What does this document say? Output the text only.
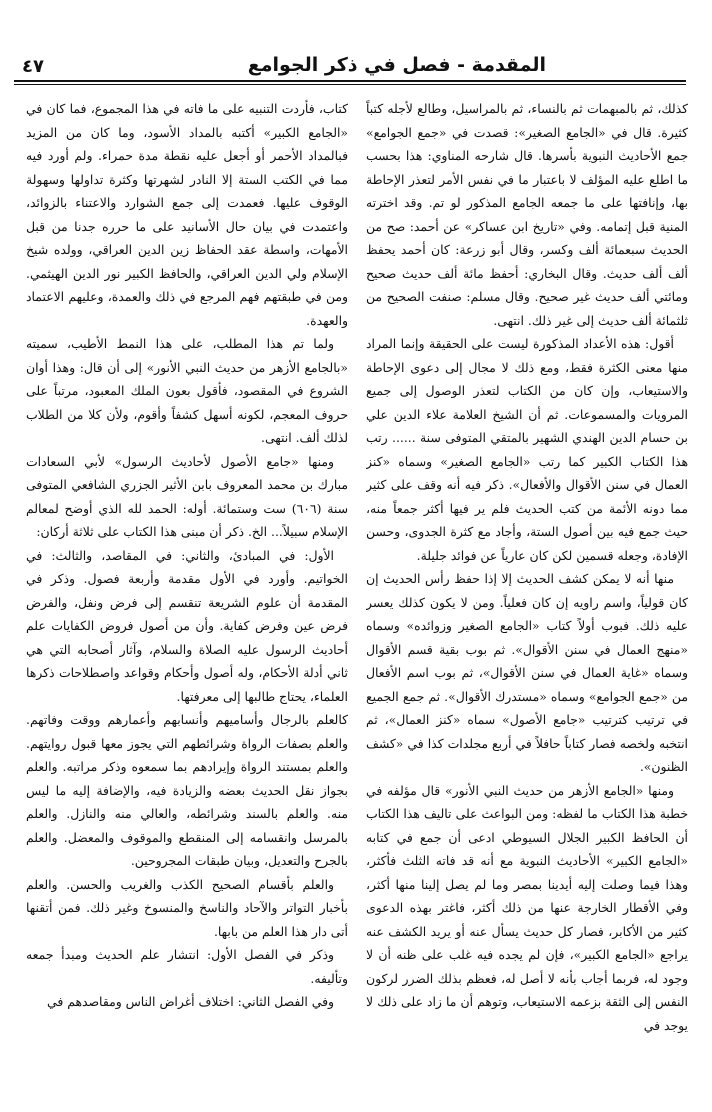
المقدمة - فصل في ذكر الجوامع
٤٧

كذلك، ثم بالمبهمات ثم بالنساء، ثم بالمراسيل، وطالع لأجله كتباً كثيرة. قال في «الجامع الصغير»: قصدت في «جمع الجوامع» جمع الأحاديث النبوية بأسرها. قال شارحه المناوي: هذا بحسب ما اطلع عليه المؤلف لا باعتبار ما في نفس الأمر لتعذر الإحاطة بها، وإنافتها على ما جمعه الجامع المذكور لو تم. وقد اخترته المنية قبل إتمامه. وفي «تاريخ ابن عساكر» عن أحمد: صح من الحديث سبعمائة ألف وكسر، وقال أبو زرعة: كان أحمد يحفظ ألف ألف حديث. وقال البخاري: أحفظ مائة ألف حديث صحيح ومائتي ألف حديث غير صحيح. وقال مسلم: صنفت الصحيح من ثلثمائة ألف حديث إلى غير ذلك. انتهى.

أقول: هذه الأعداد المذكورة ليست على الحقيقة وإنما المراد منها معنى الكثرة فقط، ومع ذلك لا مجال إلى دعوى الإحاطة والاستيعاب، وإن كان من الكتاب لتعذر الوصول إلى جميع المرويات والمسموعات. ثم أن الشيخ العلامة علاء الدين علي بن حسام الدين الهندي الشهير بالمتقي المتوفى سنة ...... رتب هذا الكتاب الكبير كما رتب «الجامع الصغير» وسماه «كنز العمال في سنن الأقوال والأفعال». ذكر فيه أنه وقف على كثير مما دونه الأئمة من كتب الحديث فلم ير فيها أكثر جمعاً منه، حيث جمع فيه بين أصول الستة، وأجاد مع كثرة الجدوى، وحسن الإفادة، وجعله قسمين لكن كان عارياً عن فوائد جليلة.

منها أنه لا يمكن كشف الحديث إلا إذا حفظ رأس الحديث إن كان قولياً، واسم راويه إن كان فعلياً. ومن لا يكون كذلك يعسر عليه ذلك. فبوب أولاً كتاب «الجامع الصغير وزوائده» وسماه «منهج العمال في سنن الأقوال». ثم بوب بقية قسم الأقوال وسماه «غاية العمال في سنن الأقوال»، ثم بوب اسم الأفعال من «جمع الجوامع» وسماه «مستدرك الأقوال». ثم جمع الجميع في ترتيب كترتيب «جامع الأصول» سماه «كنز العمال»، ثم انتخبه ولخصه فصار كتاباً حافلاً في أربع مجلدات كذا في «كشف الظنون».

ومنها «الجامع الأزهر من حديث النبي الأنور» قال مؤلفه في خطبة هذا الكتاب ما لفظه: ومن البواعث على تاليف هذا الكتاب أن الحافظ الكبير الجلال السيوطي ادعى أن جمع في كتابه «الجامع الكبير» الأحاديث النبوية مع أنه قد فاته الثلث فأكثر، وهذا فيما وصلت إليه أيدينا بمصر وما لم يصل إلينا منها أكثر، وفي الأقطار الخارجة عنها من ذلك أكثر، فاغتر بهذه الدعوى كثير من الأكابر، فصار كل حديث يسأل عنه أو يريد الكشف عنه يراجع «الجامع الكبير»، فإن لم يجده فيه غلب على ظنه أن لا وجود له، فربما أجاب بأنه لا أصل له، فعظم بذلك الضرر لركون النفس إلى الثقة بزعمه الاستيعاب، وتوهم أن ما زاد على ذلك لا يوجد في

كتاب، فأردت التنبيه على ما فاته في هذا المجموع، فما كان في «الجامع الكبير» أكتبه بالمداد الأسود، وما كان من المزيد فبالمداد الأحمر أو أجعل عليه نقطة مدة حمراء. ولم أورد فيه مما في الكتب الستة إلا النادر لشهرتها وكثرة تداولها وسهولة الوقوف عليها. فعمدت إلى جمع الشوارد والاعتناء بالزوائد، واعتمدت في بيان حال الأسانيد على ما حرره جدنا من قبل الأمهات، واسطة عقد الحفاظ زين الدين العراقي، وولده شيخ الإسلام ولي الدين العراقي، والحافظ الكبير نور الدين الهيثمي. ومن في طبقتهم فهم المرجع في ذلك والعمدة، وعليهم الاعتماد والعهدة.

ولما تم هذا المطلب، على هذا النمط الأطيب، سميته «بالجامع الأزهر من حديث النبي الأنور» إلى أن قال: وهذا أوان الشروع في المقصود، فأقول بعون الملك المعبود، مرتباً على حروف المعجم، لكونه أسهل كشفاً وأقوم، ولأن كلا من الطلاب لذلك ألف. انتهى.

ومنها «جامع الأصول لأحاديث الرسول» لأبي السعادات مبارك بن محمد المعروف بابن الأثير الجزري الشافعي المتوفى سنة (٦٠٦) ست وستمائة. أوله: الحمد لله الذي أوضح لمعالم الإسلام سبيلاً... الخ. ذكر أن مبنى هذا الكتاب على ثلاثة أركان:

الأول: في المبادئ، والثاني: في المقاصد، والثالث: في الخواتيم. وأورد في الأول مقدمة وأربعة فصول. وذكر في المقدمة أن علوم الشريعة تنقسم إلى فرض ونفل، والفرض فرض عين وفرض كفاية. وأن من أصول فروض الكفايات علم أحاديث الرسول عليه الصلاة والسلام، وآثار أصحابه التي هي ثاني أدلة الأحكام، وله أصول وأحكام وقواعد واصطلاحات ذكرها العلماء، يحتاج طالبها إلى معرفتها.

كالعلم بالرجال وأساميهم وأنسابهم وأعمارهم ووقت وفاتهم. والعلم بصفات الرواة وشرائطهم التي يجوز معها قبول روايتهم. والعلم بمستند الرواة وإيرادهم بما سمعوه وذكر مراتبه. والعلم بجواز نقل الحديث بعضه والزيادة فيه، والإضافة إليه ما ليس منه. والعلم بالسند وشرائطه، والعالي منه والنازل. والعلم بالمرسل وانقسامه إلى المنقطع والموقوف والمعضل. والعلم بالجرح والتعديل، وبيان طبقات المجروحين.

والعلم بأقسام الصحيح الكذب والغريب والحسن. والعلم بأخبار التواتر والآحاد والناسخ والمنسوخ وغير ذلك. فمن أتقنها أتى دار هذا العلم من بابها.

وذكر في الفصل الأول: انتشار علم الحديث ومبدأ جمعه وتأليفه.

وفي الفصل الثاني: اختلاف أغراض الناس ومقاصدهم في
